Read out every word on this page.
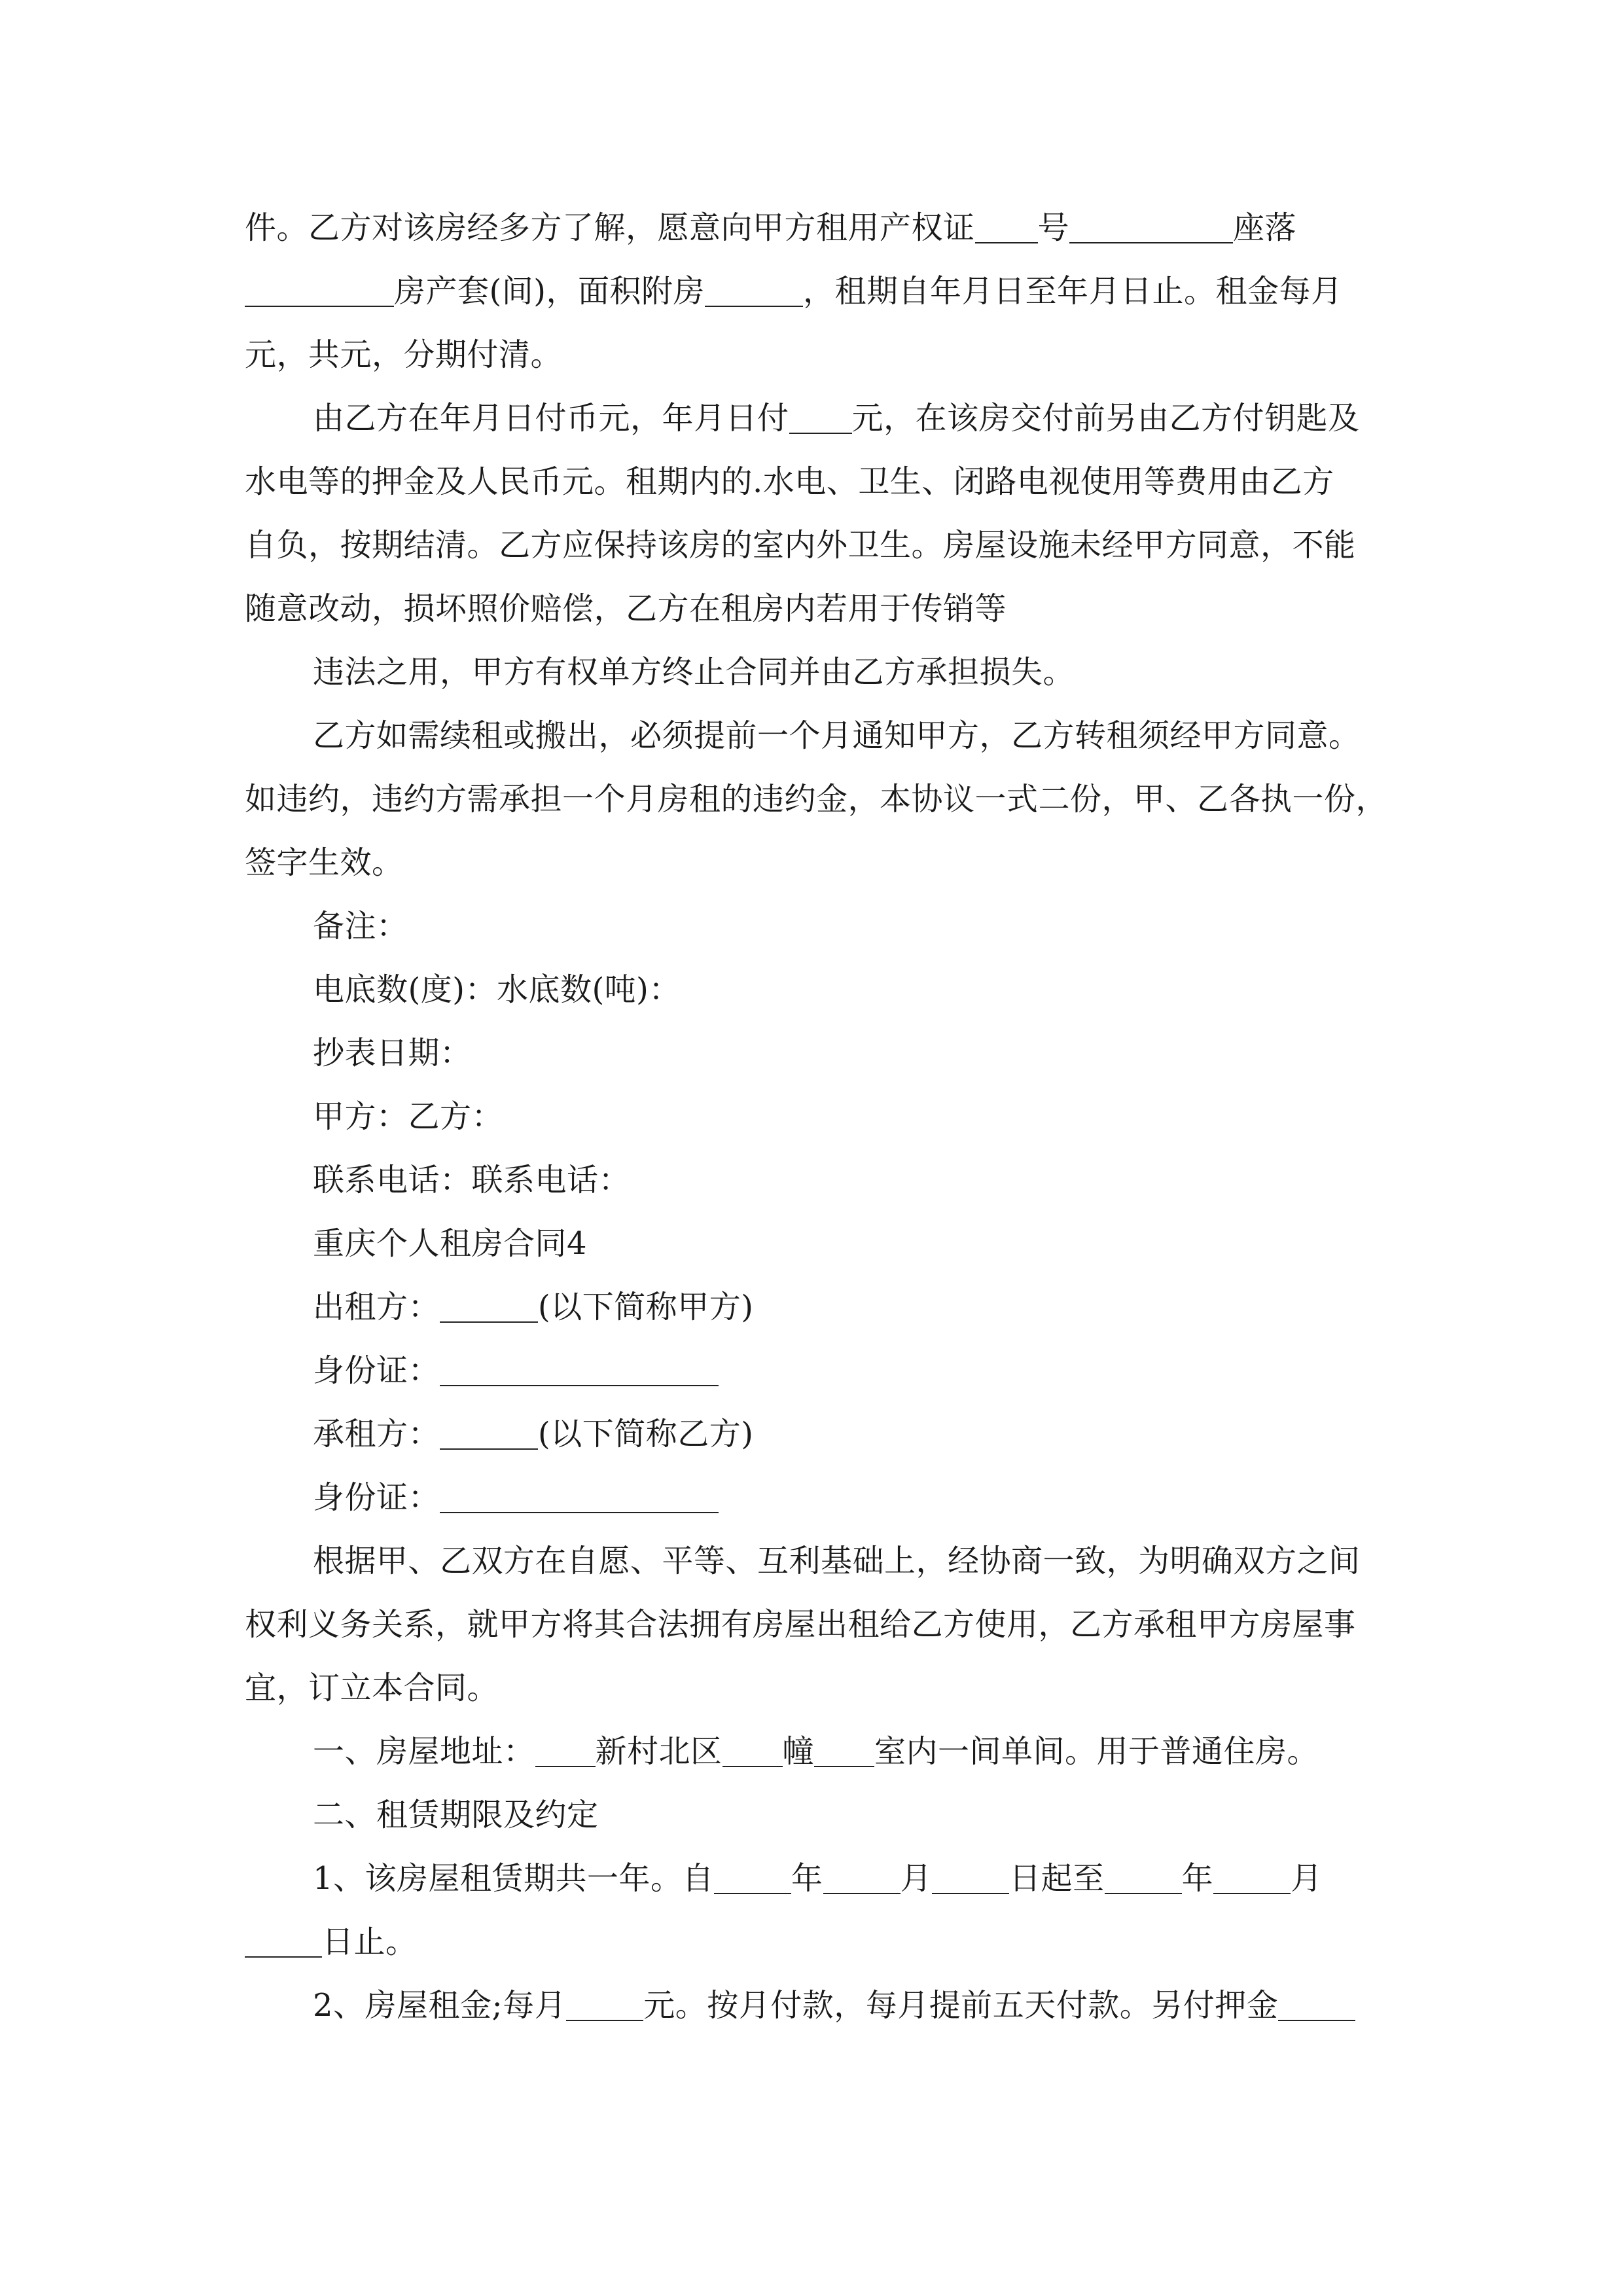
件。乙方对该房经多方了解，愿意向甲方租用产权证 号	座落
房产套(间)，面积附房	，租期自年月日至年月日止。租金每月
元，共元，分期付清。
由乙方在年月日付币元，年月日付 元，在该房交付前另由乙方付钥匙及
水电等的押金及人民币元。租期内的.水电、卫生、闭路电视使用等费用由乙方
自负，按期结清。乙方应保持该房的室内外卫生。房屋设施未经甲方同意，不能
随意改动，损坏照价赔偿，乙方在租房内若用于传销等
违法之用，甲方有权单方终止合同并由乙方承担损失。
乙方如需续租或搬出，必须提前一个月通知甲方，乙方转租须经甲方同意。
如违约，违约方需承担一个月房租的违约金，本协议一式二份，甲、乙各执一份，
签字生效。
备注：
电底数(度)：水底数(吨)：
抄表日期：
甲方：乙方：
联系电话：联系电话：
重庆个人租房合同4
出租方：	(以下简称甲方)
身份证：
承租方：	(以下简称乙方)
身份证：
根据甲、乙双方在自愿、平等、互利基础上，经协商一致，为明确双方之间
权利义务关系，就甲方将其合法拥有房屋出租给乙方使用，乙方承租甲方房屋事
宜，订立本合同。
一、房屋地址： 新村北区 幢 室内一间单间。用于普通住房。
二、租赁期限及约定
1、该房屋租赁期共一年。自 年 月 日起至 年 月
日止。
2、房屋租金;每月 元。按月付款，每月提前五天付款。另付押金
